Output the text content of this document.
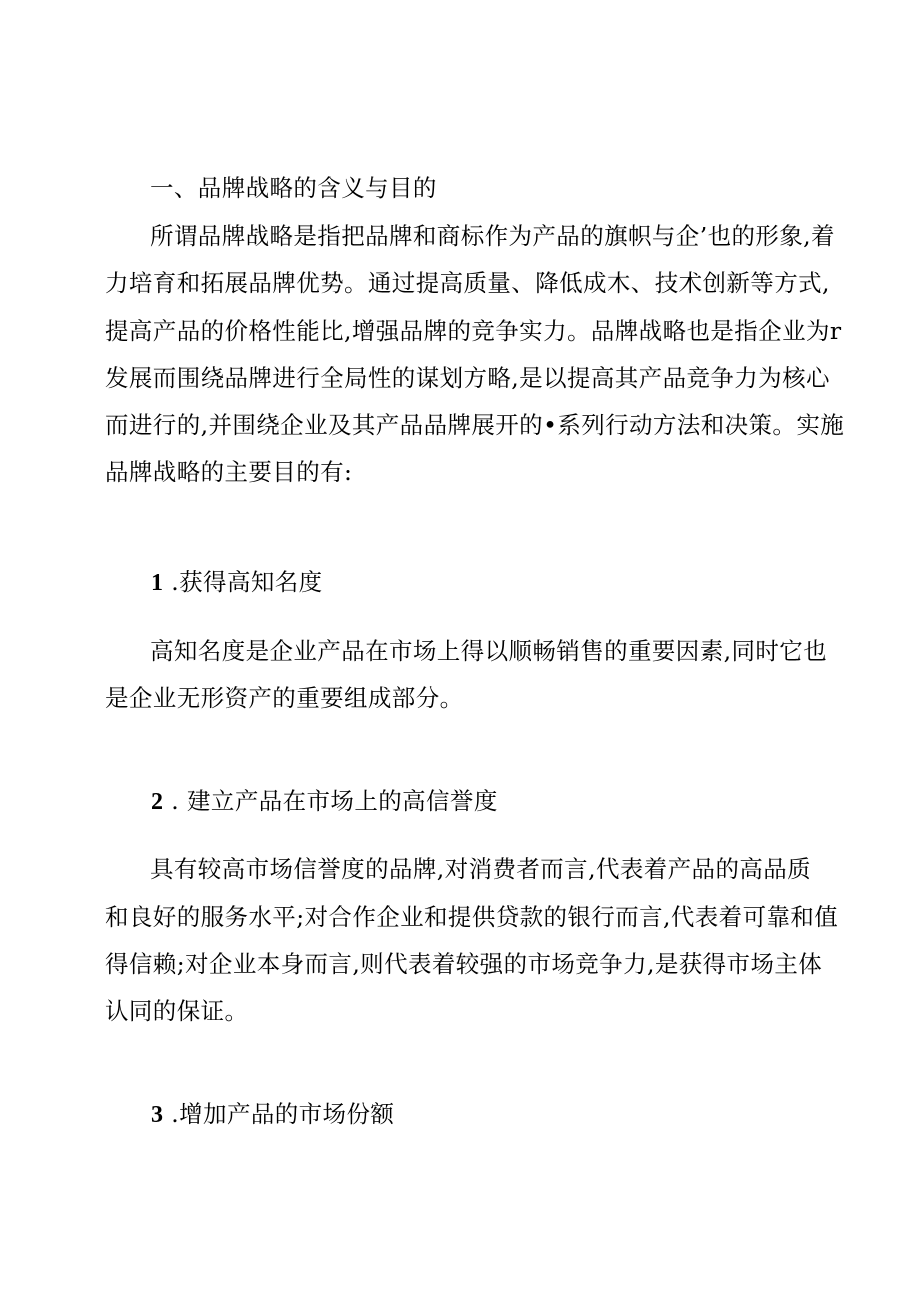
一、品牌战略的含义与目的
所谓品牌战略是指把品牌和商标作为产品的旗帜与企’也的形象,着
力培育和拓展品牌优势。通过提高质量、降低成木、技术创新等方式,
提高产品的价格性能比,增强品牌的竞争实力。品牌战略也是指企业为r
发展而围绕品牌进行全局性的谋划方略,是以提高其产品竞争力为核心
而进行的,并围绕企业及其产品品牌展开的•系列行动方法和决策。实施
品牌战略的主要目的有:
1 .获得高知名度
高知名度是企业产品在市场上得以顺畅销售的重要因素,同时它也
是企业无形资产的重要组成部分。
2 . 建立产品在市场上的高信誉度
具有较高市场信誉度的品牌,对消费者而言,代表着产品的高品质
和良好的服务水平;对合作企业和提供贷款的银行而言,代表着可靠和值
得信赖;对企业本身而言,则代表着较强的市场竞争力,是获得市场主体
认同的保证。
3 .增加产品的市场份额
